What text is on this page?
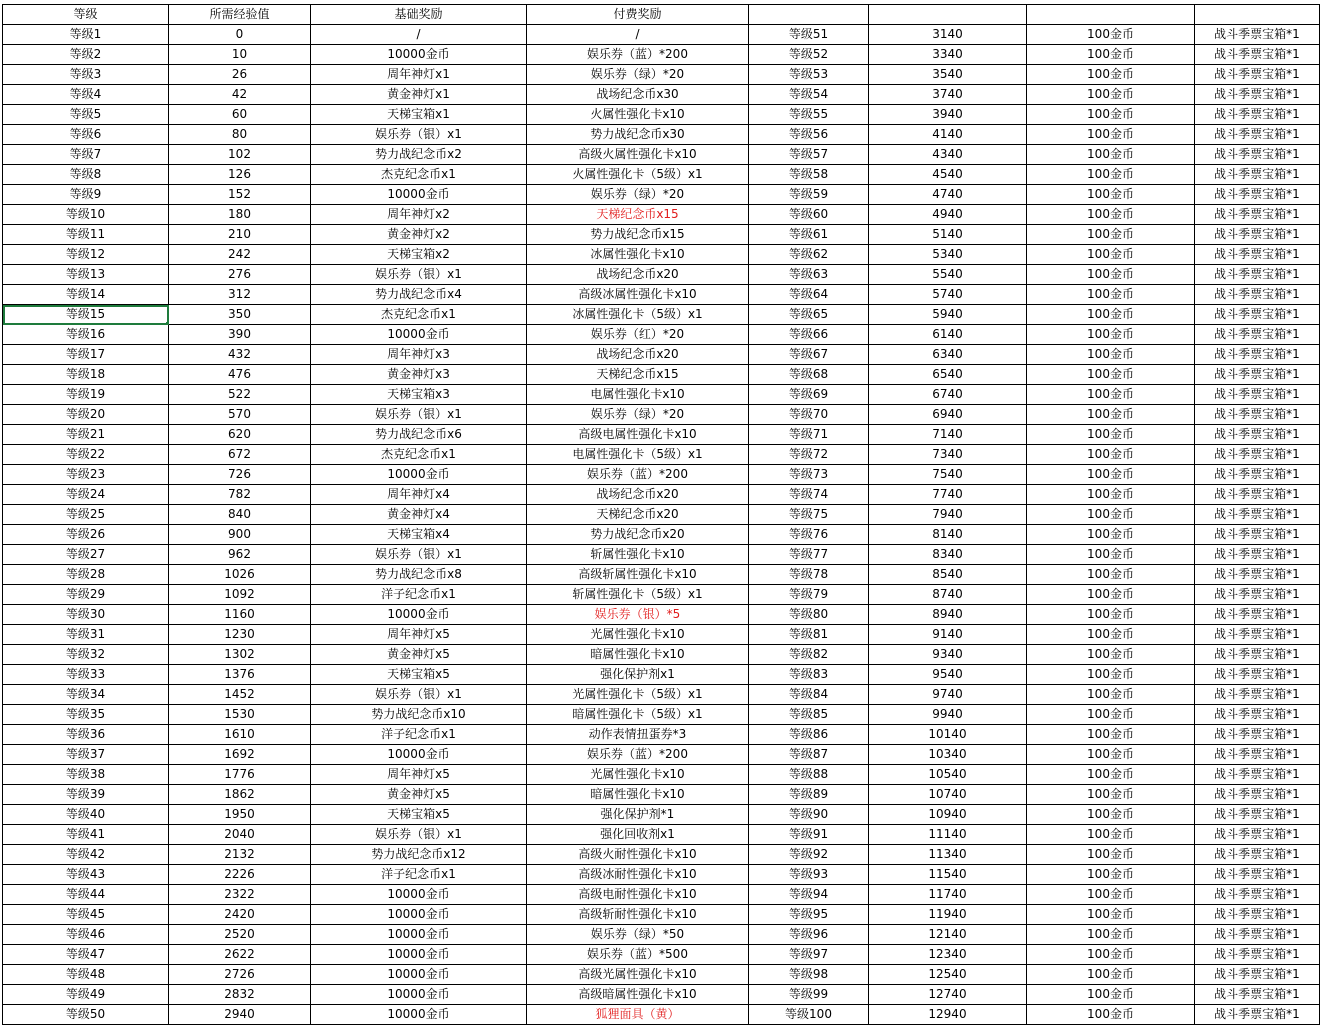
等级	所需经验值	基础奖励	付费奖励				
等级1	0	/	/	等级51	3140	100金币	战斗季票宝箱*1
等级2	10	10000金币	娱乐券（蓝）*200	等级52	3340	100金币	战斗季票宝箱*1
等级3	26	周年神灯x1	娱乐券（绿）*20	等级53	3540	100金币	战斗季票宝箱*1
等级4	42	黄金神灯x1	战场纪念币x30	等级54	3740	100金币	战斗季票宝箱*1
等级5	60	天梯宝箱x1	火属性强化卡x10	等级55	3940	100金币	战斗季票宝箱*1
等级6	80	娱乐券（银）x1	势力战纪念币x30	等级56	4140	100金币	战斗季票宝箱*1
等级7	102	势力战纪念币x2	高级火属性强化卡x10	等级57	4340	100金币	战斗季票宝箱*1
等级8	126	杰克纪念币x1	火属性强化卡（5级）x1	等级58	4540	100金币	战斗季票宝箱*1
等级9	152	10000金币	娱乐券（绿）*20	等级59	4740	100金币	战斗季票宝箱*1
等级10	180	周年神灯x2	天梯纪念币x15	等级60	4940	100金币	战斗季票宝箱*1
等级11	210	黄金神灯x2	势力战纪念币x15	等级61	5140	100金币	战斗季票宝箱*1
等级12	242	天梯宝箱x2	冰属性强化卡x10	等级62	5340	100金币	战斗季票宝箱*1
等级13	276	娱乐券（银）x1	战场纪念币x20	等级63	5540	100金币	战斗季票宝箱*1
等级14	312	势力战纪念币x4	高级冰属性强化卡x10	等级64	5740	100金币	战斗季票宝箱*1
等级15	350	杰克纪念币x1	冰属性强化卡（5级）x1	等级65	5940	100金币	战斗季票宝箱*1
等级16	390	10000金币	娱乐券（红）*20	等级66	6140	100金币	战斗季票宝箱*1
等级17	432	周年神灯x3	战场纪念币x20	等级67	6340	100金币	战斗季票宝箱*1
等级18	476	黄金神灯x3	天梯纪念币x15	等级68	6540	100金币	战斗季票宝箱*1
等级19	522	天梯宝箱x3	电属性强化卡x10	等级69	6740	100金币	战斗季票宝箱*1
等级20	570	娱乐券（银）x1	娱乐券（绿）*20	等级70	6940	100金币	战斗季票宝箱*1
等级21	620	势力战纪念币x6	高级电属性强化卡x10	等级71	7140	100金币	战斗季票宝箱*1
等级22	672	杰克纪念币x1	电属性强化卡（5级）x1	等级72	7340	100金币	战斗季票宝箱*1
等级23	726	10000金币	娱乐券（蓝）*200	等级73	7540	100金币	战斗季票宝箱*1
等级24	782	周年神灯x4	战场纪念币x20	等级74	7740	100金币	战斗季票宝箱*1
等级25	840	黄金神灯x4	天梯纪念币x20	等级75	7940	100金币	战斗季票宝箱*1
等级26	900	天梯宝箱x4	势力战纪念币x20	等级76	8140	100金币	战斗季票宝箱*1
等级27	962	娱乐券（银）x1	斩属性强化卡x10	等级77	8340	100金币	战斗季票宝箱*1
等级28	1026	势力战纪念币x8	高级斩属性强化卡x10	等级78	8540	100金币	战斗季票宝箱*1
等级29	1092	洋子纪念币x1	斩属性强化卡（5级）x1	等级79	8740	100金币	战斗季票宝箱*1
等级30	1160	10000金币	娱乐券（银）*5	等级80	8940	100金币	战斗季票宝箱*1
等级31	1230	周年神灯x5	光属性强化卡x10	等级81	9140	100金币	战斗季票宝箱*1
等级32	1302	黄金神灯x5	暗属性强化卡x10	等级82	9340	100金币	战斗季票宝箱*1
等级33	1376	天梯宝箱x5	强化保护剂x1	等级83	9540	100金币	战斗季票宝箱*1
等级34	1452	娱乐券（银）x1	光属性强化卡（5级）x1	等级84	9740	100金币	战斗季票宝箱*1
等级35	1530	势力战纪念币x10	暗属性强化卡（5级）x1	等级85	9940	100金币	战斗季票宝箱*1
等级36	1610	洋子纪念币x1	动作表情扭蛋券*3	等级86	10140	100金币	战斗季票宝箱*1
等级37	1692	10000金币	娱乐券（蓝）*200	等级87	10340	100金币	战斗季票宝箱*1
等级38	1776	周年神灯x5	光属性强化卡x10	等级88	10540	100金币	战斗季票宝箱*1
等级39	1862	黄金神灯x5	暗属性强化卡x10	等级89	10740	100金币	战斗季票宝箱*1
等级40	1950	天梯宝箱x5	强化保护剂*1	等级90	10940	100金币	战斗季票宝箱*1
等级41	2040	娱乐券（银）x1	强化回收剂x1	等级91	11140	100金币	战斗季票宝箱*1
等级42	2132	势力战纪念币x12	高级火耐性强化卡x10	等级92	11340	100金币	战斗季票宝箱*1
等级43	2226	洋子纪念币x1	高级冰耐性强化卡x10	等级93	11540	100金币	战斗季票宝箱*1
等级44	2322	10000金币	高级电耐性强化卡x10	等级94	11740	100金币	战斗季票宝箱*1
等级45	2420	10000金币	高级斩耐性强化卡x10	等级95	11940	100金币	战斗季票宝箱*1
等级46	2520	10000金币	娱乐券（绿）*50	等级96	12140	100金币	战斗季票宝箱*1
等级47	2622	10000金币	娱乐券（蓝）*500	等级97	12340	100金币	战斗季票宝箱*1
等级48	2726	10000金币	高级光属性强化卡x10	等级98	12540	100金币	战斗季票宝箱*1
等级49	2832	10000金币	高级暗属性强化卡x10	等级99	12740	100金币	战斗季票宝箱*1
等级50	2940	10000金币	狐狸面具（黄）	等级100	12940	100金币	战斗季票宝箱*1
